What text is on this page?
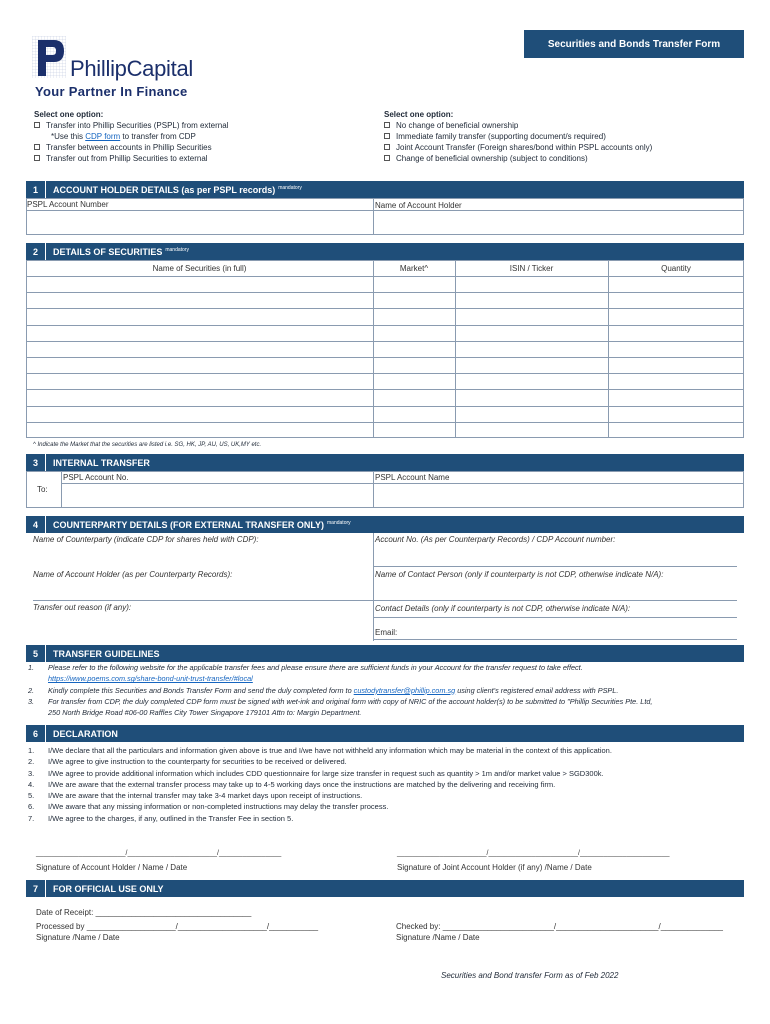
PhillipCapital
Your Partner In Finance
Securities and Bonds Transfer Form
Select one option:
Transfer into Phillip Securities (PSPL) from external
*Use this CDP form to transfer from CDP
Transfer between accounts in Phillip Securities
Transfer out from Phillip Securities to external
Select one option:
No change of beneficial ownership
Immediate family transfer (supporting document/s required)
Joint Account Transfer (Foreign shares/bond within PSPL accounts only)
Change of beneficial ownership (subject to conditions)
1	ACCOUNT HOLDER DETAILS (as per PSPL records) $^{mandatory}$
PSPL Account Number	Name of Account Holder
2	DETAILS OF SECURITIES $^{mandatory}$
Name of Securities (in full)	Market^	ISIN / Ticker	Quantity
^ Indicate the Market that the securities are listed i.e. SG, HK, JP, AU, US, UK,MY etc.
3	INTERNAL TRANSFER
To:
PSPL Account No.	PSPL Account Name
4	COUNTERPARTY DETAILS (FOR EXTERNAL TRANSFER ONLY) $^{mandatory}$
Name of Counterparty (indicate CDP for shares held with CDP):	Account No. (As per Counterparty Records) / CDP Account number:
Name of Account Holder (as per Counterparty Records):	Name of Contact Person (only if counterparty is not CDP, otherwise indicate N/A):
Transfer out reason (if any):	Contact Details (only if counterparty is not CDP, otherwise indicate N/A):
Email:
5	TRANSFER GUIDELINES
1.	Please refer to the following website for the applicable transfer fees and please ensure there are sufficient funds in your Account for the transfer request to take effect.
https://www.poems.com.sg/share-bond-unit-trust-transfer/#local
2.	Kindly complete this Securities and Bonds Transfer Form and send the duly completed form to custodytransfer@phillip.com.sg using client's registered email address with PSPL.
3.	For transfer from CDP, the duly completed CDP form must be signed with wet-ink and original form with copy of NRIC of the account holder(s) to be submitted to "Phillip Securities Pte. Ltd,
250 North Bridge Road #06-00 Raffles City Tower Singapore 179101 Attn to: Margin Department.
6	DECLARATION
1.	I/We declare that all the particulars and information given above is true and I/we have not withheld any information which may be material in the context of this application.
2.	I/We agree to give instruction to the counterparty for securities to be received or delivered.
3.	I/We agree to provide additional information which includes CDD questionnaire for large size transfer in request such as quantity > 1m and/or market value > SGD300k.
4.	I/We are aware that the external transfer process may take up to 4-5 working days once the instructions are matched by the delivering and receiving firm.
5.	I/We are aware that the internal transfer may take 3-4 market days upon receipt of instructions.
6.	I/We aware that any missing information or non-completed instructions may delay the transfer process.
7.	I/We agree to the charges, if any, outlined in the Transfer Fee in section 5.
_______________________/_______________________/________________
Signature of Account Holder / Name / Date
_______________________/_______________________/_______________________
Signature of Joint Account Holder (if any) /Name / Date
7	FOR OFFICIAL USE ONLY
Date of Receipt: ___________________________________
Processed by ____________________/____________________/___________
Signature /Name / Date
Checked by: _________________________/_______________________/______________
Signature /Name / Date
Securities and Bond transfer Form as of Feb 2022
